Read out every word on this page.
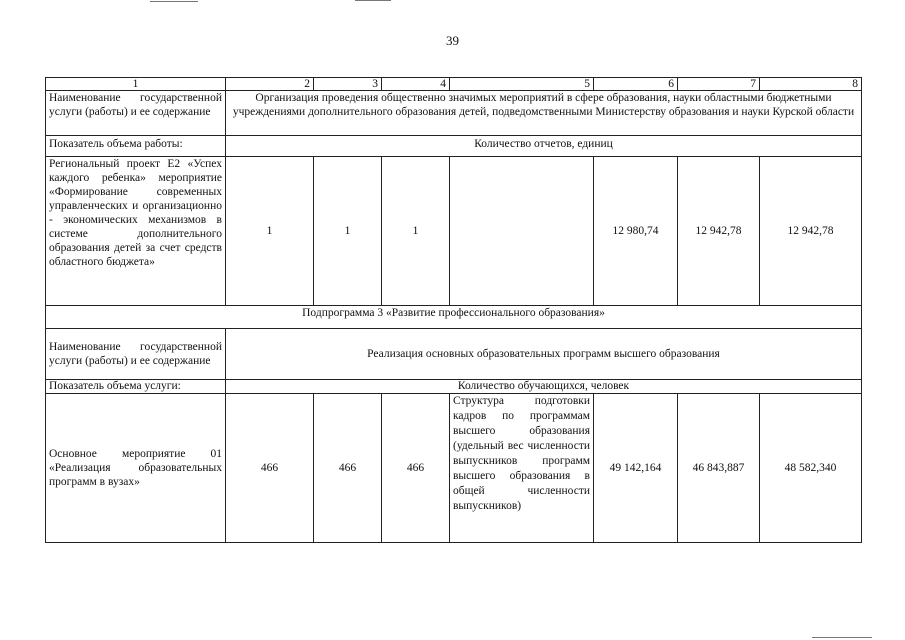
39
1	2	3	4	5	6	7	8
Наименование государственной услуги (работы) и ее содержание	Организация проведения общественно значимых мероприятий в сфере образования, науки областными бюджетными учреждениями дополнительного образования детей, подведомственными Министерству образования и науки Курской области						
Показатель объема работы:	Количество отчетов, единиц						
Региональный проект Е2 «Успех каждого ребенка» мероприятие «Формирование современных управленческих и организационно - экономических механизмов в системе дополнительного образования детей за счет средств областного бюджета»	1	1	1		12 980,74	12 942,78	12 942,78
Подпрограмма 3 «Развитие профессионального образования»							
Наименование государственной услуги (работы) и ее содержание	Реализация основных образовательных программ высшего образования						
Показатель объема услуги:	Количество обучающихся, человек						
Основное мероприятие 01 «Реализация образовательных программ в вузах»	466	466	466	Структура подготовки кадров по программам высшего образования (удельный вес численности выпускников программ высшего образования в общей численности выпускников)	49 142,164	46 843,887	48 582,340
